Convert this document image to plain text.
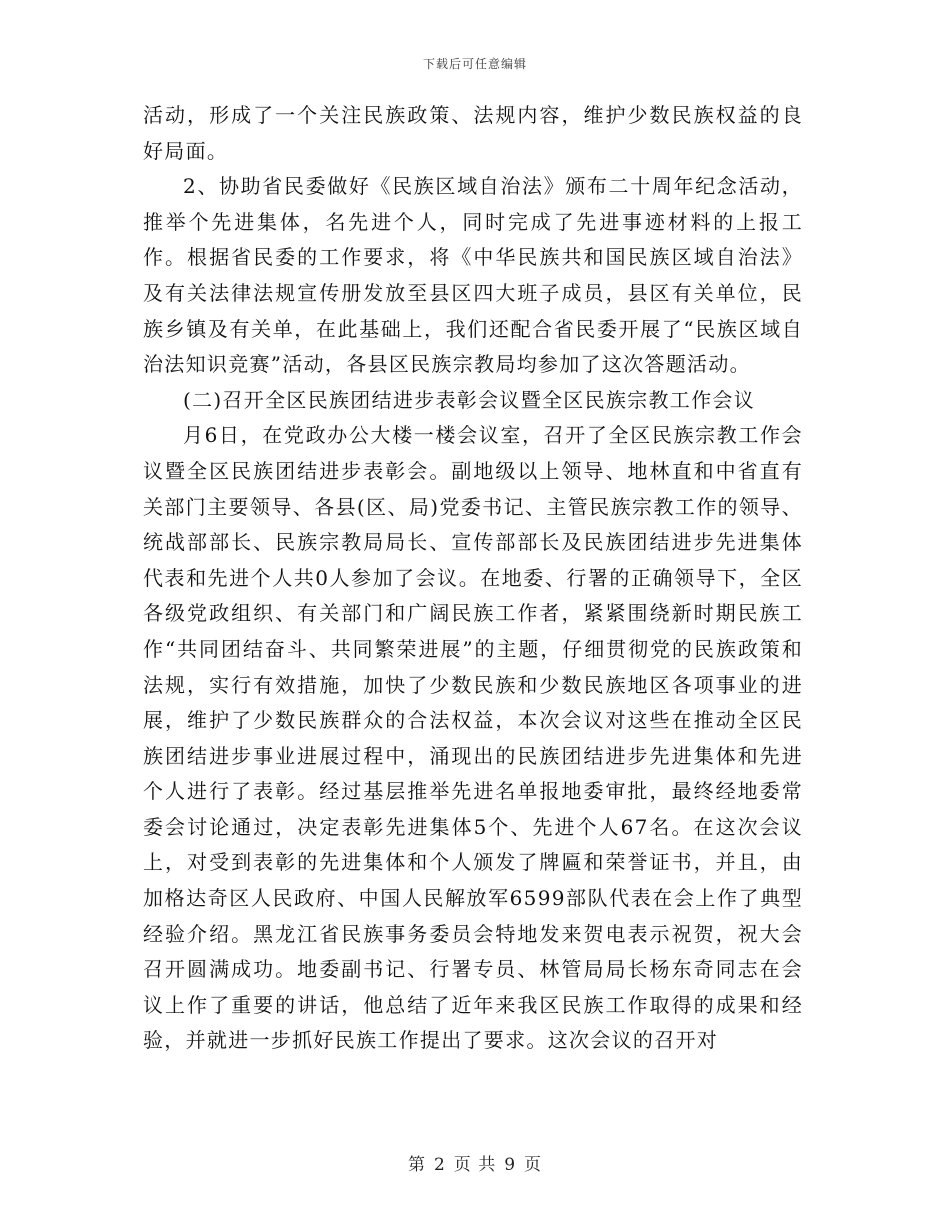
下载后可任意编辑

活动，形成了一个关注民族政策、法规内容，维护少数民族权益的良好局面。

2、协助省民委做好《民族区域自治法》颁布二十周年纪念活动，推举个先进集体，名先进个人，同时完成了先进事迹材料的上报工作。根据省民委的工作要求，将《中华民族共和国民族区域自治法》及有关法律法规宣传册发放至县区四大班子成员，县区有关单位，民族乡镇及有关单，在此基础上，我们还配合省民委开展了“民族区域自治法知识竞赛”活动，各县区民族宗教局均参加了这次答题活动。

(二)召开全区民族团结进步表彰会议暨全区民族宗教工作会议

月6日，在党政办公大楼一楼会议室，召开了全区民族宗教工作会议暨全区民族团结进步表彰会。副地级以上领导、地林直和中省直有关部门主要领导、各县(区、局)党委书记、主管民族宗教工作的领导、统战部部长、民族宗教局局长、宣传部部长及民族团结进步先进集体代表和先进个人共0人参加了会议。在地委、行署的正确领导下，全区各级党政组织、有关部门和广阔民族工作者，紧紧围绕新时期民族工作“共同团结奋斗、共同繁荣进展”的主题，仔细贯彻党的民族政策和法规，实行有效措施，加快了少数民族和少数民族地区各项事业的进展，维护了少数民族群众的合法权益，本次会议对这些在推动全区民族团结进步事业进展过程中，涌现出的民族团结进步先进集体和先进个人进行了表彰。经过基层推举先进名单报地委审批，最终经地委常委会讨论通过，决定表彰先进集体5个、先进个人67名。在这次会议上，对受到表彰的先进集体和个人颁发了牌匾和荣誉证书，并且，由加格达奇区人民政府、中国人民解放军6599部队代表在会上作了典型经验介绍。黑龙江省民族事务委员会特地发来贺电表示祝贺，祝大会召开圆满成功。地委副书记、行署专员、林管局局长杨东奇同志在会议上作了重要的讲话，他总结了近年来我区民族工作取得的成果和经验，并就进一步抓好民族工作提出了要求。这次会议的召开对

第 2 页 共 9 页
